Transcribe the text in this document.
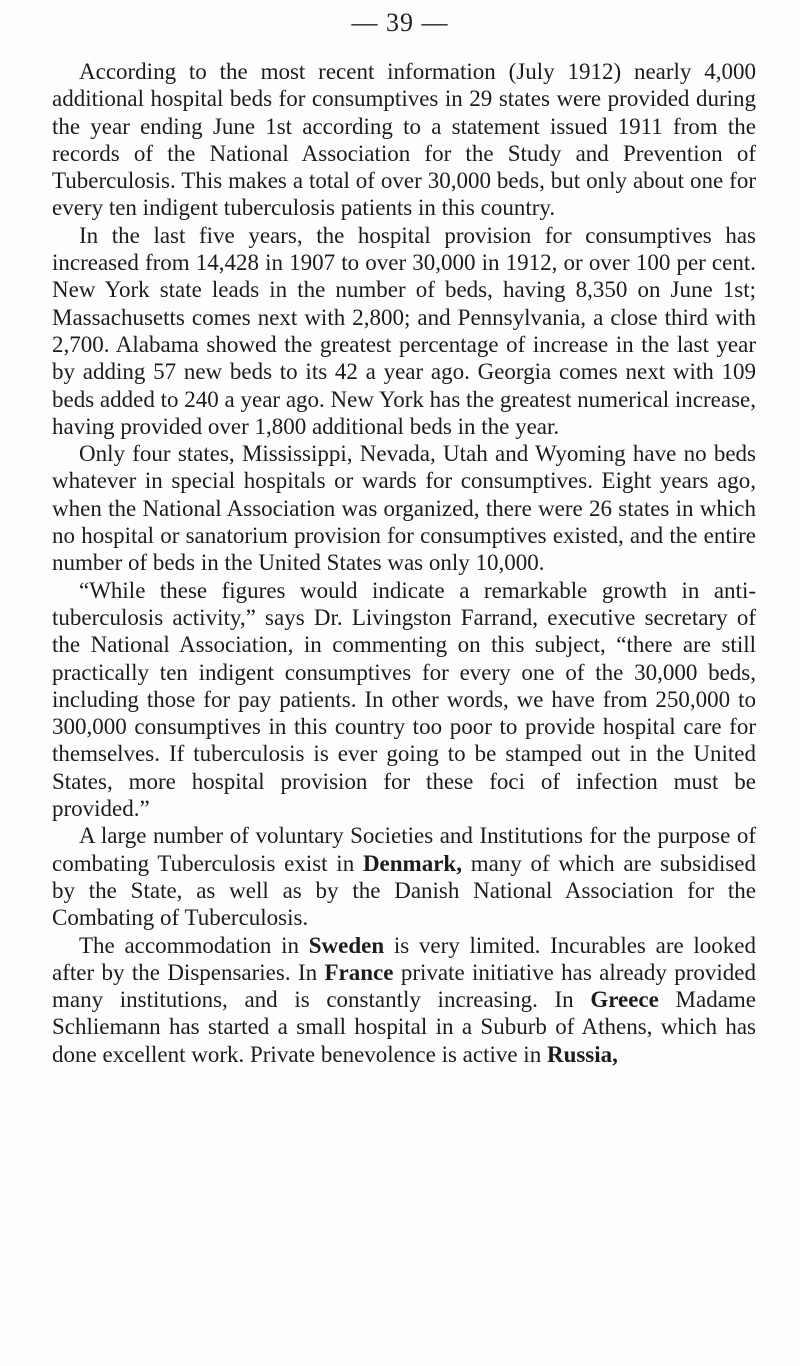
— 39 —

According to the most recent information (July 1912) nearly 4,000 additional hospital beds for consumptives in 29 states were provided during the year ending June 1st according to a statement issued 1911 from the records of the National Association for the Study and Prevention of Tuberculosis. This makes a total of over 30,000 beds, but only about one for every ten indigent tuberculosis patients in this country.

In the last five years, the hospital provision for consumptives has increased from 14,428 in 1907 to over 30,000 in 1912, or over 100 per cent. New York state leads in the number of beds, having 8,350 on June 1st; Massachusetts comes next with 2,800; and Pennsylvania, a close third with 2,700. Alabama showed the greatest percentage of increase in the last year by adding 57 new beds to its 42 a year ago. Georgia comes next with 109 beds added to 240 a year ago. New York has the greatest numerical increase, having provided over 1,800 additional beds in the year.

Only four states, Mississippi, Nevada, Utah and Wyoming have no beds whatever in special hospitals or wards for consumptives. Eight years ago, when the National Association was organized, there were 26 states in which no hospital or sanatorium provision for consumptives existed, and the entire number of beds in the United States was only 10,000.

“While these figures would indicate a remarkable growth in anti-tuberculosis activity,” says Dr. Livingston Farrand, executive secretary of the National Association, in commenting on this subject, “there are still practically ten indigent consumptives for every one of the 30,000 beds, including those for pay patients. In other words, we have from 250,000 to 300,000 consumptives in this country too poor to provide hospital care for themselves. If tuberculosis is ever going to be stamped out in the United States, more hospital provision for these foci of infection must be provided.”

A large number of voluntary Societies and Institutions for the purpose of combating Tuberculosis exist in Denmark, many of which are subsidised by the State, as well as by the Danish National Association for the Combating of Tuberculosis.

The accommodation in Sweden is very limited. Incurables are looked after by the Dispensaries. In France private initiative has already provided many institutions, and is constantly increasing. In Greece Madame Schliemann has started a small hospital in a Suburb of Athens, which has done excellent work. Private benevolence is active in Russia,
